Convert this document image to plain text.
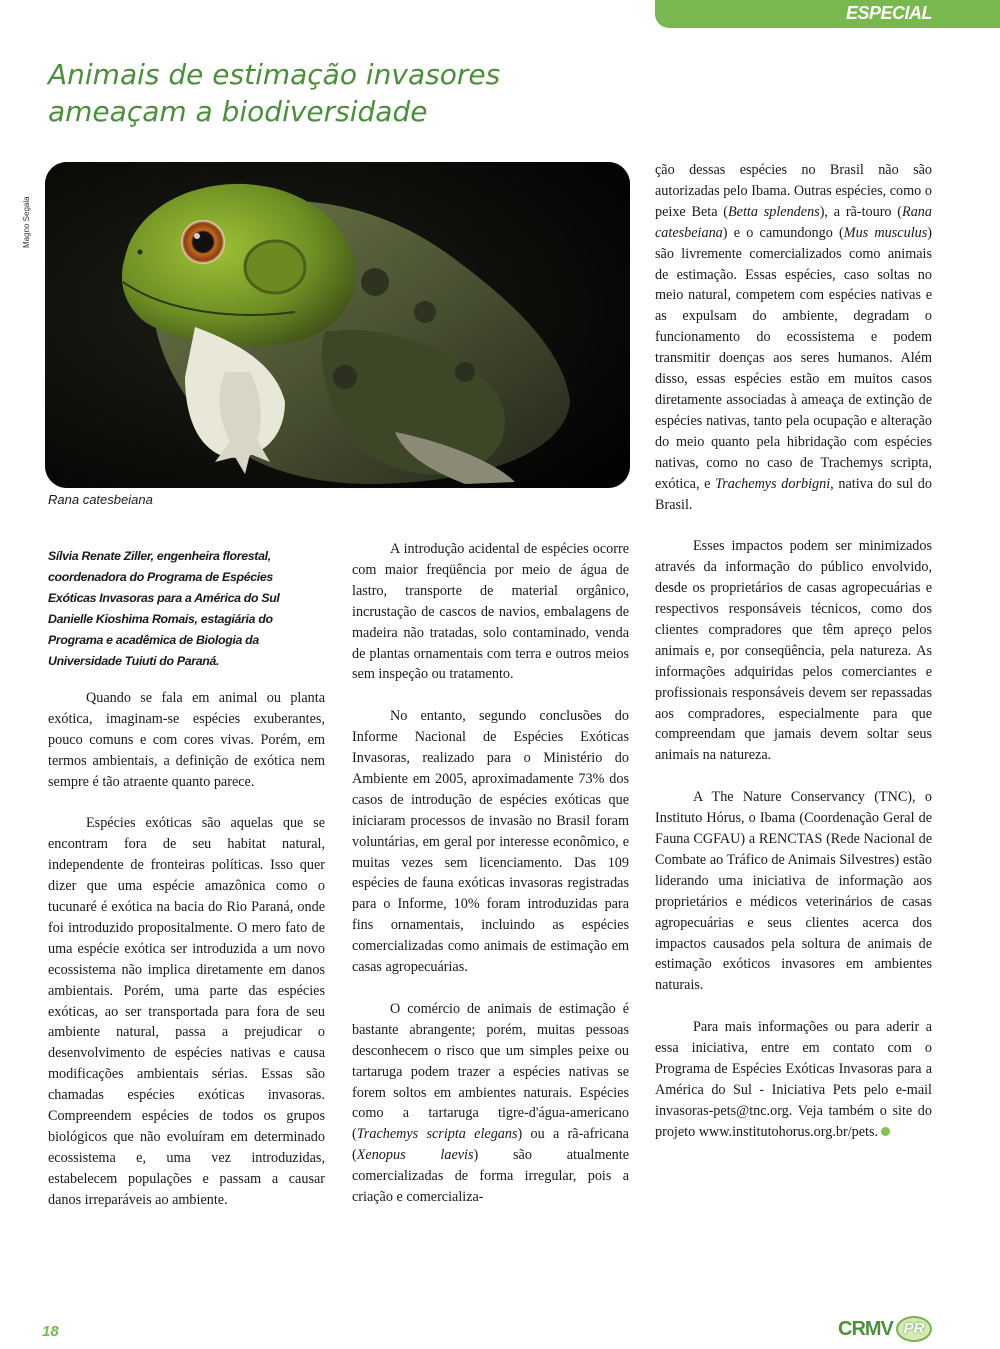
ESPECIAL
Animais de estimação invasores
ameaçam a biodiversidade
Magno Segala
Rana catesbeiana
Sílvia Renate Ziller, engenheira florestal, coordenadora do Programa de Espécies Exóticas Invasoras para a América do Sul Danielle Kioshima Romais, estagiária do Programa e acadêmica de Biologia da Universidade Tuiuti do Paraná.

Quando se fala em animal ou planta exótica, imaginam-se espécies exuberantes, pouco comuns e com cores vivas. Porém, em termos ambientais, a definição de exótica nem sempre é tão atraente quanto parece.

Espécies exóticas são aquelas que se encontram fora de seu habitat natural, independente de fronteiras políticas. Isso quer dizer que uma espécie amazônica como o tucunaré é exótica na bacia do Rio Paraná, onde foi introduzido propositalmente. O mero fato de uma espécie exótica ser introduzida a um novo ecossistema não implica diretamente em danos ambientais. Porém, uma parte das espécies exóticas, ao ser transportada para fora de seu ambiente natural, passa a prejudicar o desenvolvimento de espécies nativas e causa modificações ambientais sérias. Essas são chamadas espécies exóticas invasoras. Compreendem espécies de todos os grupos biológicos que não evoluíram em determinado ecossistema e, uma vez introduzidas, estabelecem populações e passam a causar danos irreparáveis ao ambiente.

A introdução acidental de espécies ocorre com maior freqüência por meio de água de lastro, transporte de material orgânico, incrustação de cascos de navios, embalagens de madeira não tratadas, solo contaminado, venda de plantas ornamentais com terra e outros meios sem inspeção ou tratamento.

No entanto, segundo conclusões do Informe Nacional de Espécies Exóticas Invasoras, realizado para o Ministério do Ambiente em 2005, aproximadamente 73% dos casos de introdução de espécies exóticas que iniciaram processos de invasão no Brasil foram voluntárias, em geral por interesse econômico, e muitas vezes sem licenciamento. Das 109 espécies de fauna exóticas invasoras registradas para o Informe, 10% foram introduzidas para fins ornamentais, incluindo as espécies comercializadas como animais de estimação em casas agropecuárias.

O comércio de animais de estimação é bastante abrangente; porém, muitas pessoas desconhecem o risco que um simples peixe ou tartaruga podem trazer a espécies nativas se forem soltos em ambientes naturais. Espécies como a tartaruga tigre-d'água-americano (Trachemys scripta elegans) ou a rã-africana (Xenopus laevis) são atualmente comercializadas de forma irregular, pois a criação e comercializa-

ção dessas espécies no Brasil não são autorizadas pelo Ibama. Outras espécies, como o peixe Beta (Betta splendens), a rã-touro (Rana catesbeiana) e o camundongo (Mus musculus) são livremente comercializados como animais de estimação. Essas espécies, caso soltas no meio natural, competem com espécies nativas e as expulsam do ambiente, degradam o funcionamento do ecossistema e podem transmitir doenças aos seres humanos. Além disso, essas espécies estão em muitos casos diretamente associadas à ameaça de extinção de espécies nativas, tanto pela ocupação e alteração do meio quanto pela hibridação com espécies nativas, como no caso de Trachemys scripta, exótica, e Trachemys dorbigni, nativa do sul do Brasil.

Esses impactos podem ser minimizados através da informação do público envolvido, desde os proprietários de casas agropecuárias e respectivos responsáveis técnicos, como dos clientes compradores que têm apreço pelos animais e, por conseqüência, pela natureza. As informações adquiridas pelos comerciantes e profissionais responsáveis devem ser repassadas aos compradores, especialmente para que compreendam que jamais devem soltar seus animais na natureza.

A The Nature Conservancy (TNC), o Instituto Hórus, o Ibama (Coordenação Geral de Fauna CGFAU) a RENCTAS (Rede Nacional de Combate ao Tráfico de Animais Silvestres) estão liderando uma iniciativa de informação aos proprietários e médicos veterinários de casas agropecuárias e seus clientes acerca dos impactos causados pela soltura de animais de estimação exóticos invasores em ambientes naturais.

Para mais informações ou para aderir a essa iniciativa, entre em contato com o Programa de Espécies Exóticas Invasoras para a América do Sul - Iniciativa Pets pelo e-mail invasoras-pets@tnc.org. Veja também o site do projeto www.institutohorus.org.br/pets.

18	CRMV PR
